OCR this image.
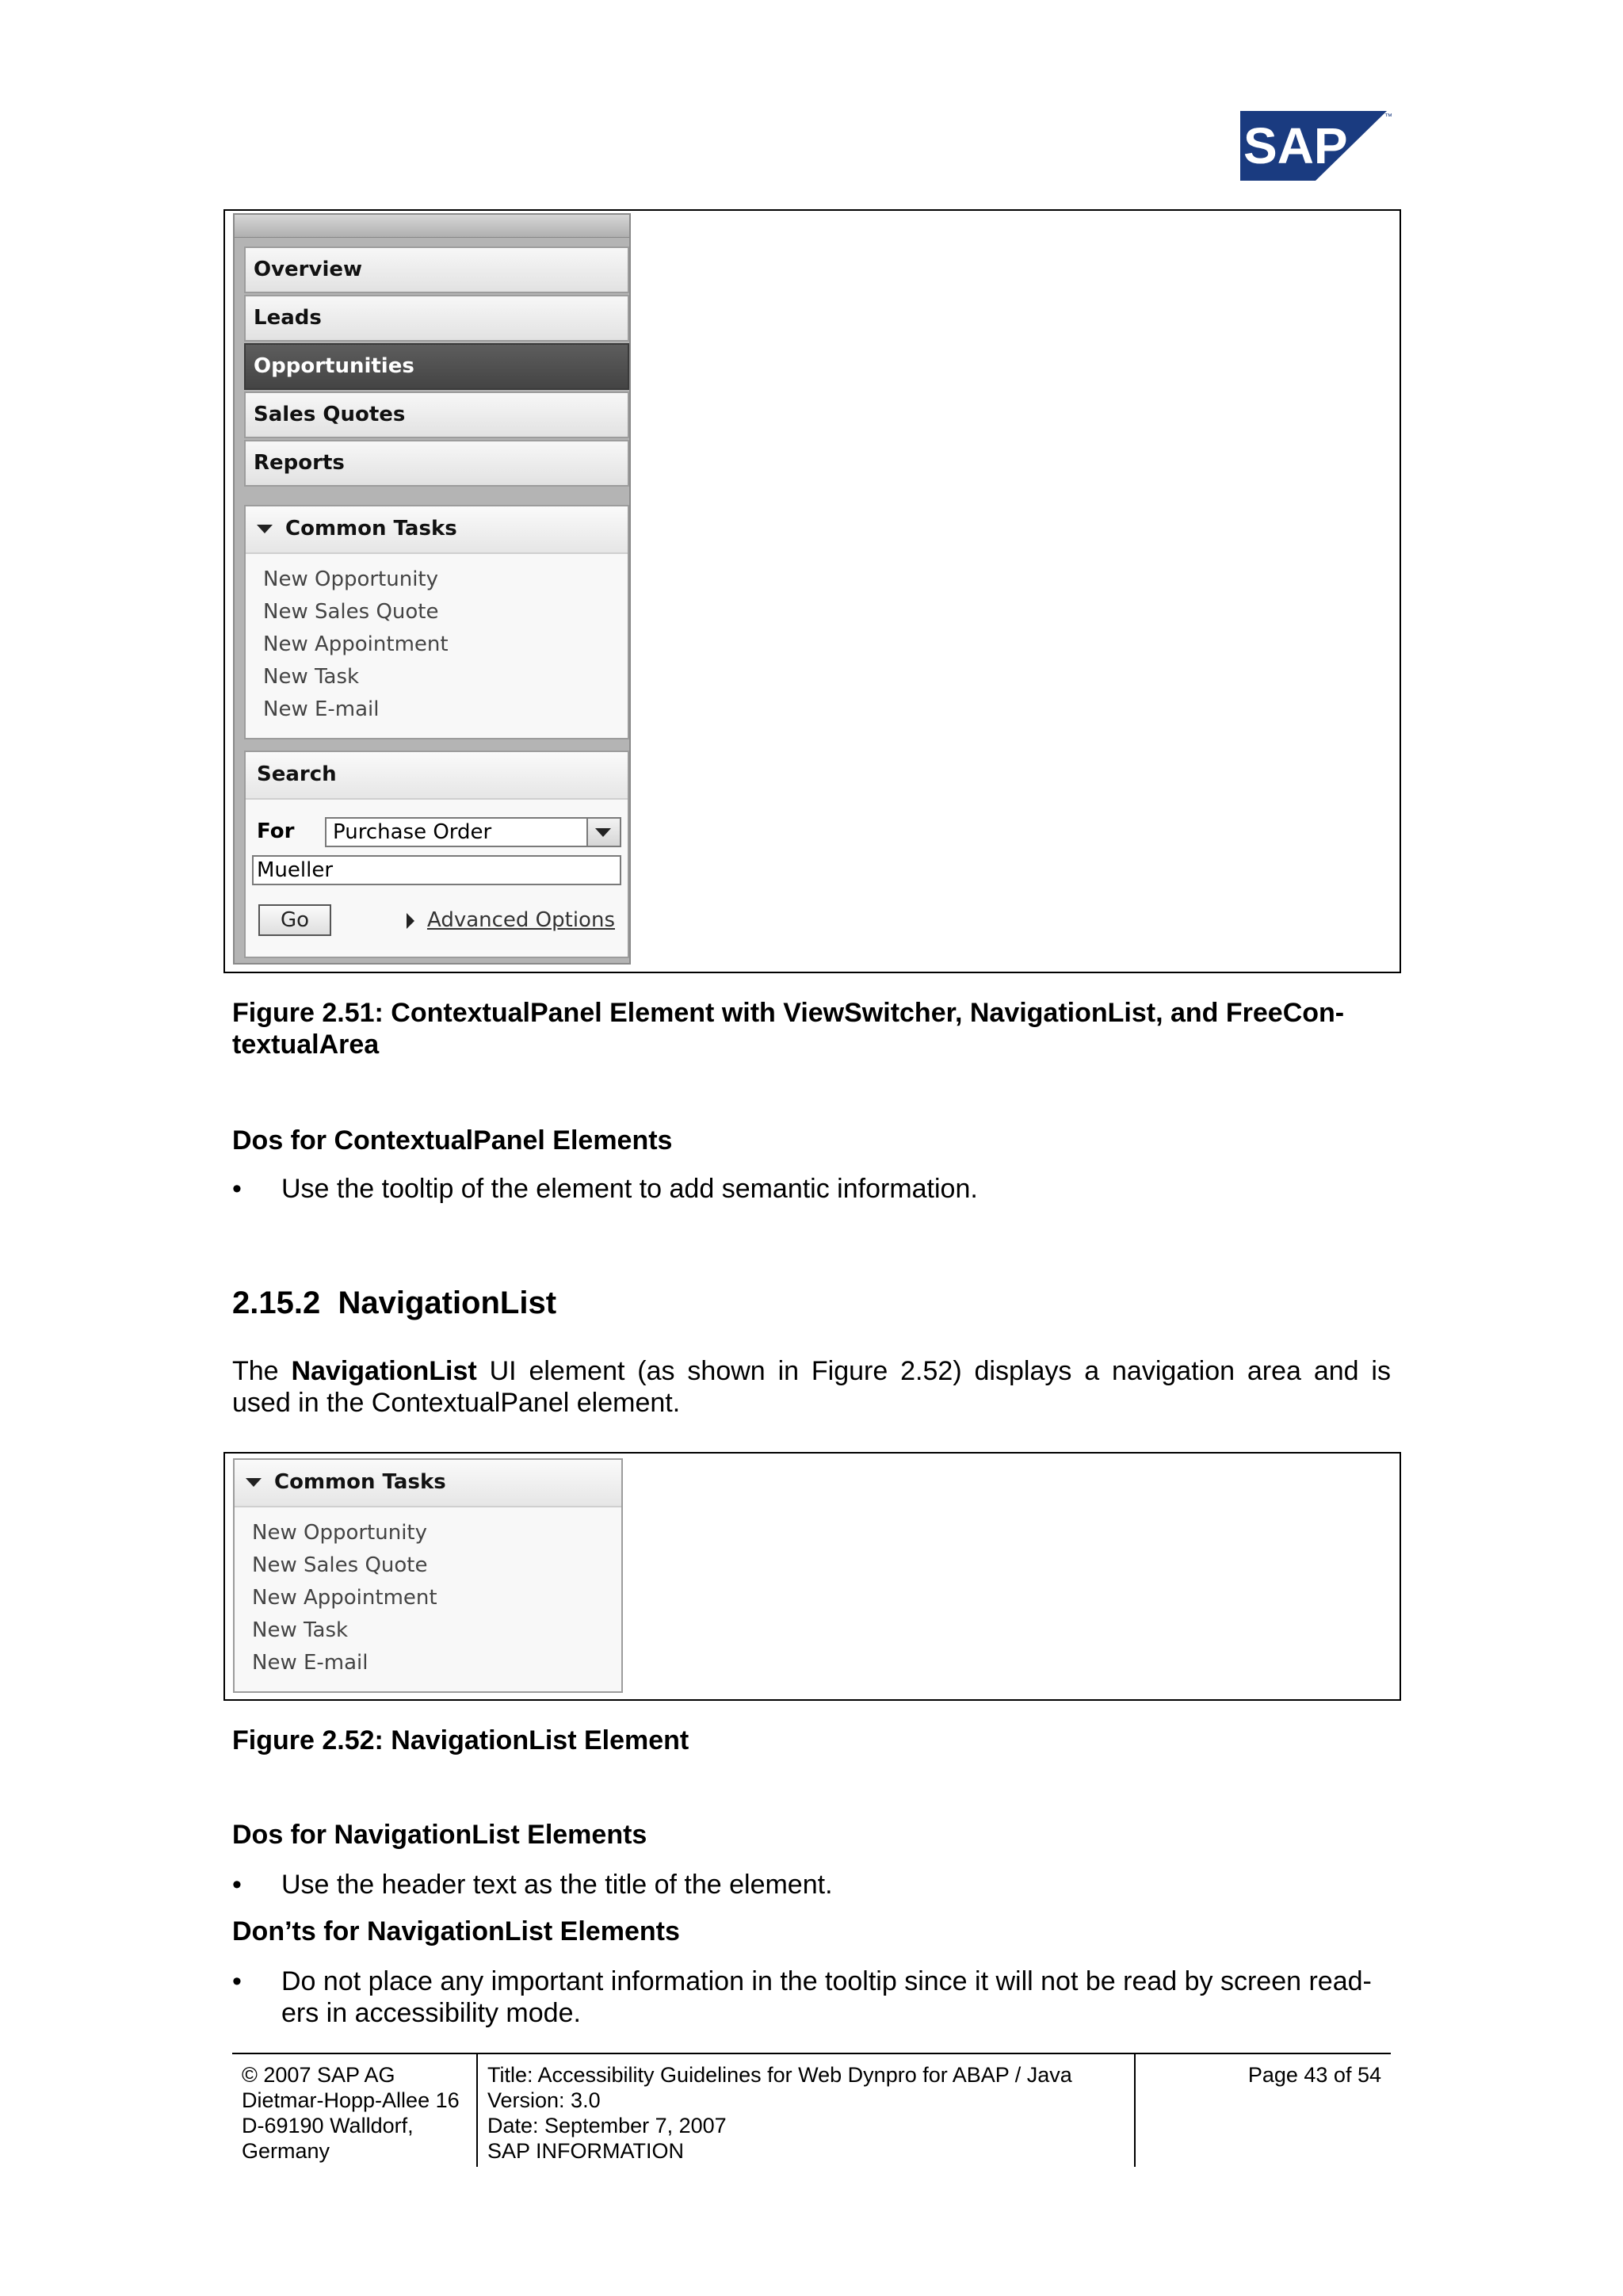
SAP
™
Overview
Leads
Opportunities
Sales Quotes
Reports
Common Tasks
New Opportunity
New Sales Quote
New Appointment
New Task
New E-mail
Search
For	Purchase Order
Mueller
Go	Advanced Options
Figure 2.51: ContextualPanel Element with ViewSwitcher, NavigationList, and FreeCon-
textualArea
Dos for ContextualPanel Elements
• Use the tooltip of the element to add semantic information.
2.15.2 NavigationList
The NavigationList UI element (as shown in Figure 2.52) displays a navigation area and is
used in the ContextualPanel element.
Common Tasks
New Opportunity
New Sales Quote
New Appointment
New Task
New E-mail
Figure 2.52: NavigationList Element
Dos for NavigationList Elements
• Use the header text as the title of the element.
Don’ts for NavigationList Elements
• Do not place any important information in the tooltip since it will not be read by screen read-
ers in accessibility mode.
© 2007 SAP AG
Dietmar-Hopp-Allee 16
D-69190 Walldorf,
Germany
Title: Accessibility Guidelines for Web Dynpro for ABAP / Java
Version: 3.0
Date: September 7, 2007
SAP INFORMATION
Page 43 of 54
